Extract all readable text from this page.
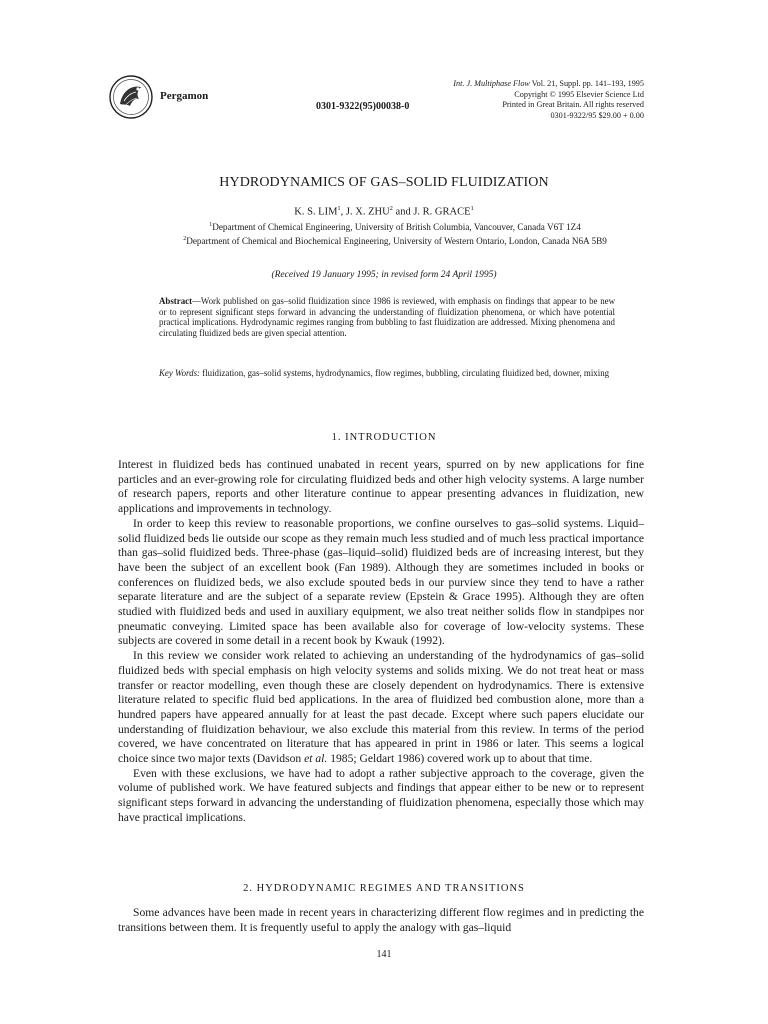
Pergamon
0301-9322(95)00038-0
Int. J. Multiphase Flow Vol. 21, Suppl. pp. 141–193, 1995
Copyright © 1995 Elsevier Science Ltd
Printed in Great Britain. All rights reserved
0301-9322/95 $29.00 + 0.00
HYDRODYNAMICS OF GAS–SOLID FLUIDIZATION
K. S. LIM$^1$, J. X. ZHU$^2$ and J. R. GRACE$^1$
$^1$Department of Chemical Engineering, University of British Columbia, Vancouver, Canada V6T 1Z4
$^2$Department of Chemical and Biochemical Engineering, University of Western Ontario, London, Canada N6A 5B9
(Received 19 January 1995; in revised form 24 April 1995)
Abstract—Work published on gas–solid fluidization since 1986 is reviewed, with emphasis on findings that appear to be new or to represent significant steps forward in advancing the understanding of fluidization phenomena, or which have potential practical implications. Hydrodynamic regimes ranging from bubbling to fast fluidization are addressed. Mixing phenomena and circulating fluidized beds are given special attention.
Key Words: fluidization, gas–solid systems, hydrodynamics, flow regimes, bubbling, circulating fluidized bed, downer, mixing
1. INTRODUCTION

Interest in fluidized beds has continued unabated in recent years, spurred on by new applications for fine particles and an ever-growing role for circulating fluidized beds and other high velocity systems. A large number of research papers, reports and other literature continue to appear presenting advances in fluidization, new applications and improvements in technology.

In order to keep this review to reasonable proportions, we confine ourselves to gas–solid systems. Liquid–solid fluidized beds lie outside our scope as they remain much less studied and of much less practical importance than gas–solid fluidized beds. Three-phase (gas–liquid–solid) fluidized beds are of increasing interest, but they have been the subject of an excellent book (Fan 1989). Although they are sometimes included in books or conferences on fluidized beds, we also exclude spouted beds in our purview since they tend to have a rather separate literature and are the subject of a separate review (Epstein & Grace 1995). Although they are often studied with fluidized beds and used in auxiliary equipment, we also treat neither solids flow in standpipes nor pneumatic conveying. Limited space has been available also for coverage of low-velocity systems. These subjects are covered in some detail in a recent book by Kwauk (1992).

In this review we consider work related to achieving an understanding of the hydrodynamics of gas–solid fluidized beds with special emphasis on high velocity systems and solids mixing. We do not treat heat or mass transfer or reactor modelling, even though these are closely dependent on hydrodynamics. There is extensive literature related to specific fluid bed applications. In the area of fluidized bed combustion alone, more than a hundred papers have appeared annually for at least the past decade. Except where such papers elucidate our understanding of fluidization behaviour, we also exclude this material from this review. In terms of the period covered, we have concentrated on literature that has appeared in print in 1986 or later. This seems a logical choice since two major texts (Davidson et al. 1985; Geldart 1986) covered work up to about that time.

Even with these exclusions, we have had to adopt a rather subjective approach to the coverage, given the volume of published work. We have featured subjects and findings that appear either to be new or to represent significant steps forward in advancing the understanding of fluidization phenomena, especially those which may have practical implications.

2. HYDRODYNAMIC REGIMES AND TRANSITIONS

Some advances have been made in recent years in characterizing different flow regimes and in predicting the transitions between them. It is frequently useful to apply the analogy with gas–liquid

141
